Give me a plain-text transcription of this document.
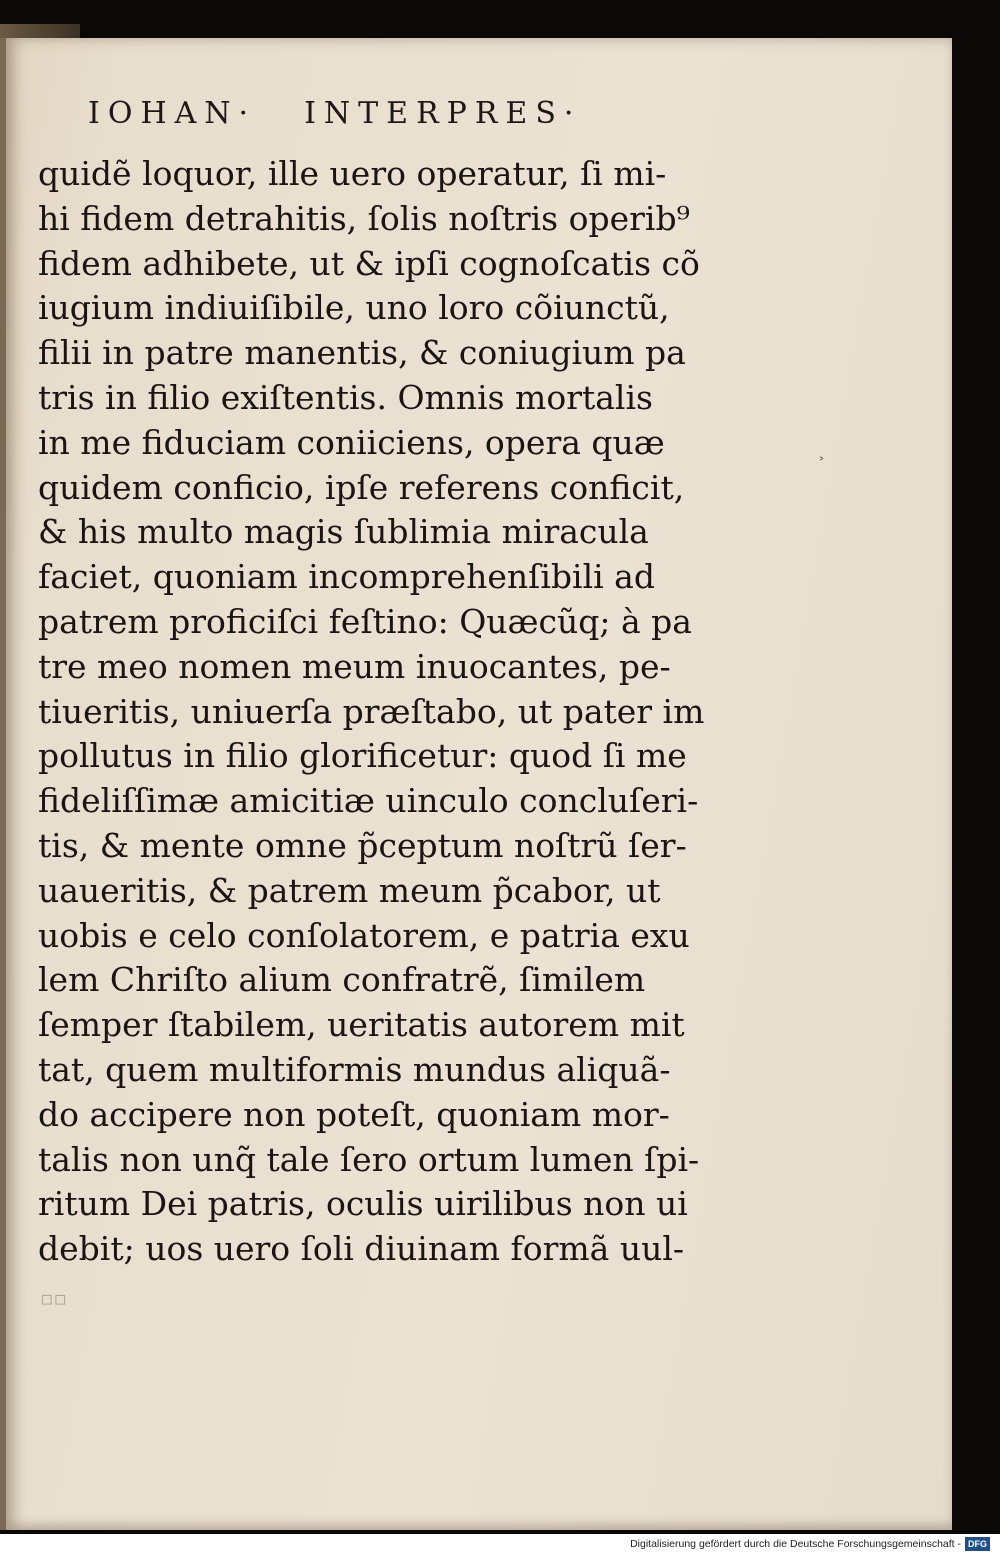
IOHAN· INTERPRES·
quidẽ loquor, ille uero operatur, ſi mi-
hi fidem detrahitis, ſolis noſtris operib⁹
fidem adhibete, ut & ipſi cognoſcatis cõ
iugium indiuiſibile, uno loro cõiunctũ,
filii in patre manentis, & coniugium pa
tris in filio exiſtentis. Omnis mortalis
in me fiduciam coniiciens, opera quæ
quidem conficio, ipſe referens conficit,
& his multo magis ſublimia miracula
faciet, quoniam incomprehenſibili ad
patrem proficiſci feſtino: Quæcũq; à pa
tre meo nomen meum inuocantes, pe-
tiueritis, uniuerſa præſtabo, ut pater im
pollutus in filio glorificetur: quod ſi me
fideliſſimæ amicitiæ uinculo concluſeri-
tis, & mente omne p̃ceptum noſtrũ ſer-
uaueritis, & patrem meum p̃cabor, ut
uobis e celo conſolatorem, e patria exu
lem Chriſto alium confratrẽ, ſimilem
ſemper ſtabilem, ueritatis autorem mit
tat, quem multiformis mundus aliquã-
do accipere non poteſt, quoniam mor-
talis non unq̃ tale ſero ortum lumen ſpi-
ritum Dei patris, oculis uirilibus non ui
debit; uos uero ſoli diuinam formã uul-
˃
▫▫
Digitalisierung gefördert durch die Deutsche Forschungsgemeinschaft - DFG
